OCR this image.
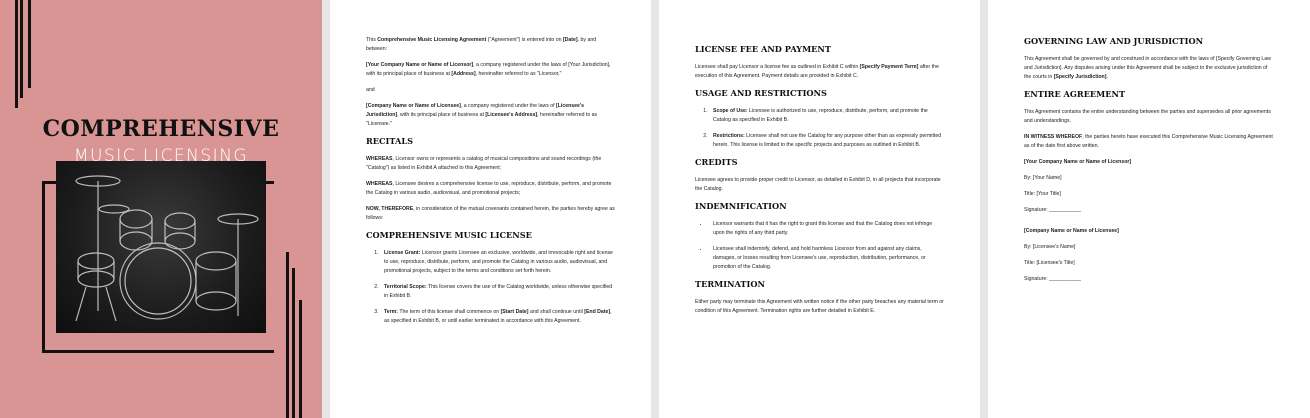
COMPREHENSIVE
MUSIC LICENSING

This Comprehensive Music Licensing Agreement ("Agreement") is entered into on [Date], by and between:

[Your Company Name or Name of Licensor], a company registered under the laws of [Your Jurisdiction], with its principal place of business at [Address], hereinafter referred to as "Licensor,"

and

[Company Name or Name of Licensee], a company registered under the laws of [Licensee's Jurisdiction], with its principal place of business at [Licensee's Address], hereinafter referred to as "Licensee."

RECITALS

WHEREAS, Licensor owns or represents a catalog of musical compositions and sound recordings (the "Catalog") as listed in Exhibit A attached to this Agreement;

WHEREAS, Licensee desires a comprehensive license to use, reproduce, distribute, perform, and promote the Catalog in various audio, audiovisual, and promotional projects;

NOW, THEREFORE, in consideration of the mutual covenants contained herein, the parties hereby agree as follows:

COMPREHENSIVE MUSIC LICENSE
1. License Grant: Licensor grants Licensee an exclusive, worldwide, and irrevocable right and license to use, reproduce, distribute, perform, and promote the Catalog in various audio, audiovisual, and promotional projects, subject to the terms and conditions set forth herein.
2. Territorial Scope: This license covers the use of the Catalog worldwide, unless otherwise specified in Exhibit B.
3. Term: The term of this license shall commence on [Start Date] and shall continue until [End Date], as specified in Exhibit B, or until earlier terminated in accordance with this Agreement.
LICENSE FEE AND PAYMENT

Licensee shall pay Licensor a license fee as outlined in Exhibit C within [Specify Payment Term] after the execution of this Agreement. Payment details are provided in Exhibit C.

USAGE AND RESTRICTIONS
1. Scope of Use: Licensee is authorized to use, reproduce, distribute, perform, and promote the Catalog as specified in Exhibit B.
2. Restrictions: Licensee shall not use the Catalog for any purpose other than as expressly permitted herein. This license is limited to the specific projects and purposes as outlined in Exhibit B.
CREDITS

Licensee agrees to provide proper credit to Licensor, as detailed in Exhibit D, in all projects that incorporate the Catalog.

INDEMNIFICATION
• Licensor warrants that it has the right to grant this license and that the Catalog does not infringe upon the rights of any third party.
• Licensee shall indemnify, defend, and hold harmless Licensor from and against any claims, damages, or losses resulting from Licensee's use, reproduction, distribution, performance, or promotion of the Catalog.
TERMINATION

Either party may terminate this Agreement with written notice if the other party breaches any material term or condition of this Agreement. Termination rights are further detailed in Exhibit E.

GOVERNING LAW AND JURISDICTION

This Agreement shall be governed by and construed in accordance with the laws of [Specify Governing Law and Jurisdiction]. Any disputes arising under this Agreement shall be subject to the exclusive jurisdiction of the courts in [Specify Jurisdiction].

ENTIRE AGREEMENT

This Agreement contains the entire understanding between the parties and supersedes all prior agreements and understandings.

IN WITNESS WHEREOF, the parties hereto have executed this Comprehensive Music Licensing Agreement as of the date first above written.

[Your Company Name or Name of Licensor]

By: [Your Name]

Title: [Your Title]

Signature: ___________

[Company Name or Name of Licensee]

By: [Licensee's Name]

Title: [Licensee's Title]

Signature: ___________
